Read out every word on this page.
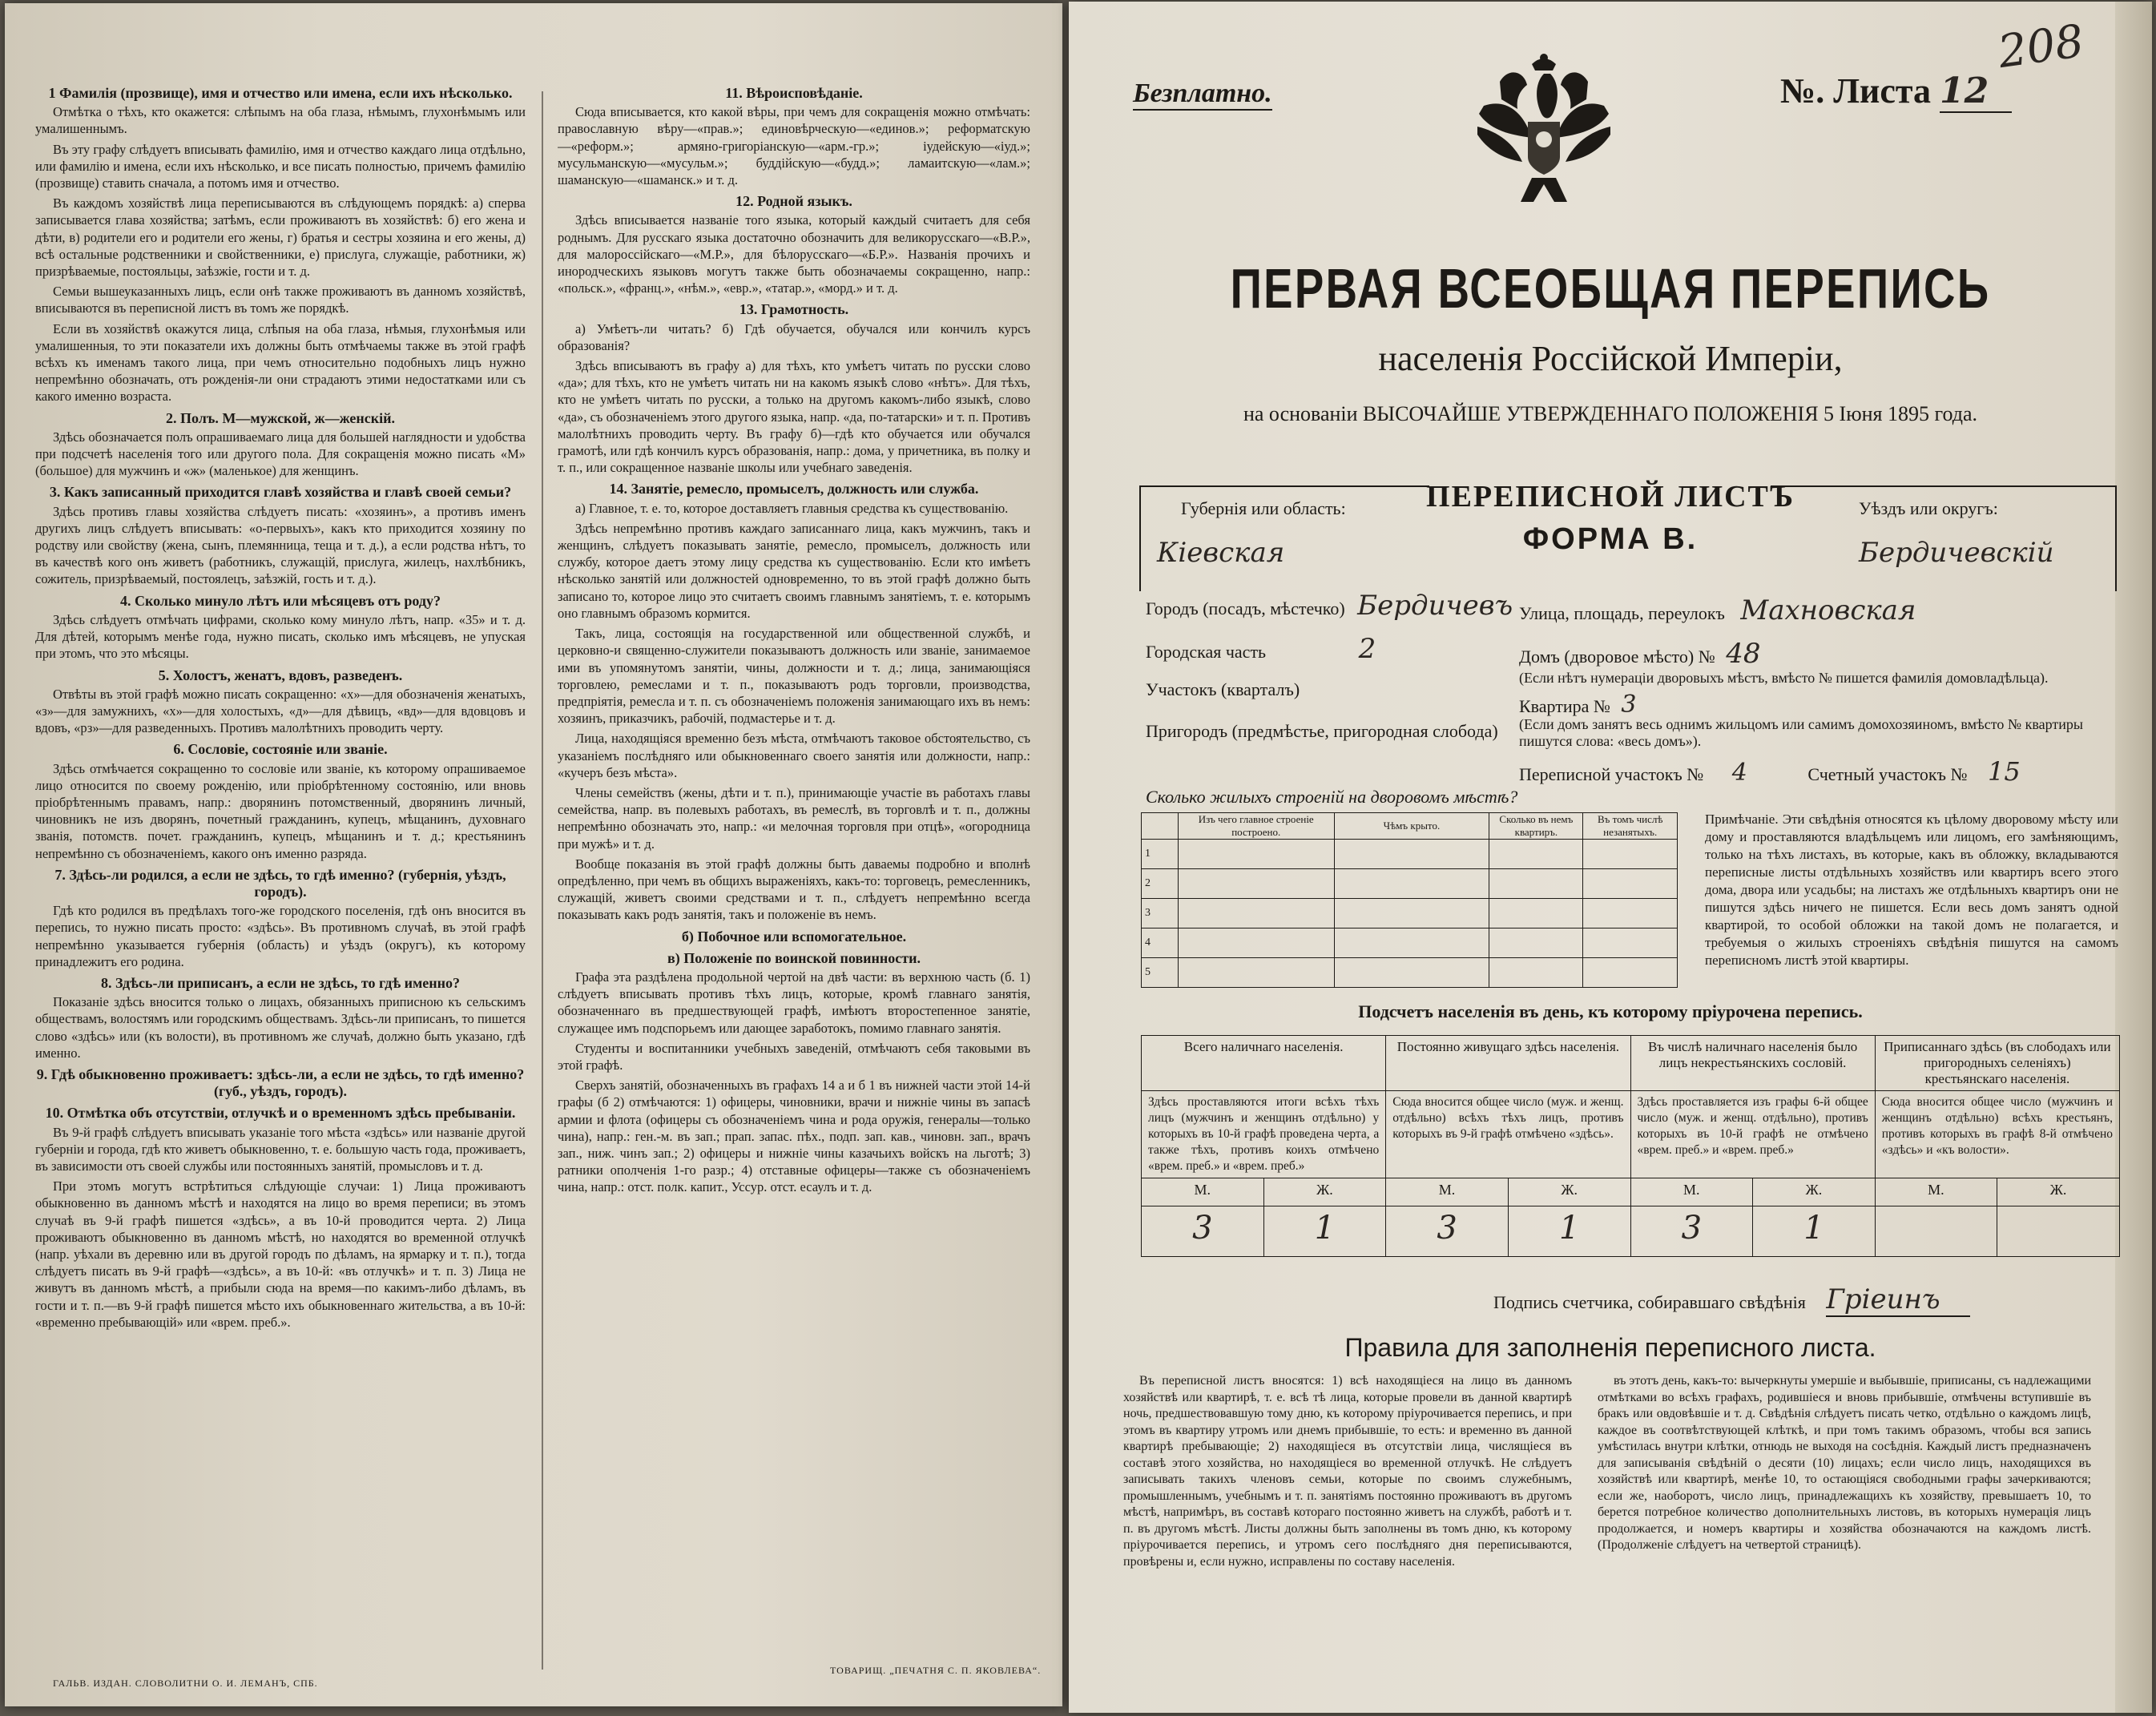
1 Фамилія (прозвище), имя и отчество или имена, если ихъ нѣсколько.

Отмѣтка о тѣхъ, кто окажется: слѣпымъ на оба глаза, нѣмымъ, глухонѣмымъ или умалишеннымъ.

Въ эту графу слѣдуетъ вписывать фамилію, имя и отчество каждаго лица отдѣльно, или фамилію и имена, если ихъ нѣсколько, и все писать полностью, причемъ фамилію (прозвище) ставить сначала, а потомъ имя и отчество.

Въ каждомъ хозяйствѣ лица переписываются въ слѣдующемъ порядкѣ: а) сперва записывается глава хозяйства; затѣмъ, если проживаютъ въ хозяйствѣ: б) его жена и дѣти, в) родители его и родители его жены, г) братья и сестры хозяина и его жены, д) всѣ остальные родственники и свойственники, е) прислуга, служащіе, работники, ж) призрѣваемые, постояльцы, заѣзжіе, гости и т. д.

Семьи вышеуказанныхъ лицъ, если онѣ также проживаютъ въ данномъ хозяйствѣ, вписываются въ переписной листъ въ томъ же порядкѣ.

Если въ хозяйствѣ окажутся лица, слѣпыя на оба глаза, нѣмыя, глухонѣмыя или умалишенныя, то эти показатели ихъ должны быть отмѣчаемы также въ этой графѣ всѣхъ къ именамъ такого лица, при чемъ относительно подобныхъ лицъ нужно непремѣнно обозначать, отъ рожденія-ли они страдаютъ этими недостатками или съ какого именно возраста.

2. Полъ. М—мужской, ж—женскій.

Здѣсь обозначается полъ опрашиваемаго лица для большей наглядности и удобства при подсчетѣ населенія того или другого пола. Для сокращенія можно писать «М» (большое) для мужчинъ и «ж» (маленькое) для женщинъ.

3. Какъ записанный приходится главѣ хозяйства и главѣ своей семьи?

Здѣсь противъ главы хозяйства слѣдуетъ писать: «хозяинъ», а противъ именъ другихъ лицъ слѣдуетъ вписывать: «о-первыхъ», какъ кто приходится хозяину по родству или свойству (жена, сынъ, племянница, теща и т. д.), а если родства нѣтъ, то въ качествѣ кого онъ живетъ (работникъ, служащій, прислуга, жилецъ, нахлѣбникъ, сожитель, призрѣваемый, постоялецъ, заѣзжій, гость и т. д.).

4. Сколько минуло лѣтъ или мѣсяцевъ отъ роду?

Здѣсь слѣдуетъ отмѣчать цифрами, сколько кому минуло лѣтъ, напр. «35» и т. д. Для дѣтей, которымъ менѣе года, нужно писать, сколько имъ мѣсяцевъ, не упуская при этомъ, что это мѣсяцы.

5. Холостъ, женатъ, вдовъ, разведенъ.

Отвѣты въ этой графѣ можно писать сокращенно: «х»—для обозначенія женатыхъ, «з»—для замужнихъ, «х»—для холостыхъ, «д»—для дѣвицъ, «вд»—для вдовцовъ и вдовъ, «рз»—для разведенныхъ. Противъ малолѣтнихъ проводить черту.

6. Сословіе, состояніе или званіе.

Здѣсь отмѣчается сокращенно то сословіе или званіе, къ которому опрашиваемое лицо относится по своему рожденію, или пріобрѣтенному состоянію, или вновь пріобрѣтеннымъ правамъ, напр.: дворянинъ потомственный, дворянинъ личный, чиновникъ не изъ дворянъ, почетный гражданинъ, купецъ, мѣщанинъ, духовнаго званія, потомств. почет. гражданинъ, купецъ, мѣщанинъ и т. д.; крестьянинъ непремѣнно съ обозначеніемъ, какого онъ именно разряда.

7. Здѣсь-ли родился, а если не здѣсь, то гдѣ именно? (губернія, уѣздъ, городъ).

Гдѣ кто родился въ предѣлахъ того-же городского поселенія, гдѣ онъ вносится въ перепись, то нужно писать просто: «здѣсь». Въ противномъ случаѣ, въ этой графѣ непремѣнно указывается губернія (область) и уѣздъ (округъ), къ которому принадлежитъ его родина.

8. Здѣсь-ли приписанъ, а если не здѣсь, то гдѣ именно?

Показаніе здѣсь вносится только о лицахъ, обязанныхъ приписною къ сельскимъ обществамъ, волостямъ или городскимъ обществамъ. Здѣсь-ли приписанъ, то пишется слово «здѣсь» или (къ волости), въ противномъ же случаѣ, должно быть указано, гдѣ именно.

9. Гдѣ обыкновенно проживаетъ: здѣсь-ли, а если не здѣсь, то гдѣ именно? (губ., уѣздъ, городъ).
10. Отмѣтка объ отсутствіи, отлучкѣ и о временномъ здѣсь пребываніи.

Въ 9-й графѣ слѣдуетъ вписывать указаніе того мѣста «здѣсь» или названіе другой губерніи и города, гдѣ кто живетъ обыкновенно, т. е. большую часть года, проживаетъ, въ зависимости отъ своей службы или постоянныхъ занятій, промысловъ и т. д.

При этомъ могутъ встрѣтиться слѣдующіе случаи: 1) Лица проживаютъ обыкновенно въ данномъ мѣстѣ и находятся на лицо во время переписи; въ этомъ случаѣ въ 9-й графѣ пишется «здѣсь», а въ 10-й проводится черта. 2) Лица проживаютъ обыкновенно въ данномъ мѣстѣ, но находятся во временной отлучкѣ (напр. уѣхали въ деревню или въ другой городъ по дѣламъ, на ярмарку и т. п.), тогда слѣдуетъ писать въ 9-й графѣ—«здѣсь», а въ 10-й: «въ отлучкѣ» и т. п. 3) Лица не живутъ въ данномъ мѣстѣ, а прибыли сюда на время—по какимъ-либо дѣламъ, въ гости и т. п.—въ 9-й графѣ пишется мѣсто ихъ обыкновеннаго жительства, а въ 10-й: «временно пребывающій» или «врем. преб.».

11. Вѣроисповѣданіе.

Сюда вписывается, кто какой вѣры, при чемъ для сокращенія можно отмѣчать: православную вѣру—«прав.»; единовѣрческую—«единов.»; реформатскую—«реформ.»; армяно-григоріанскую—«арм.-гр.»; іудейскую—«іуд.»; мусульманскую—«мусульм.»; буддійскую—«будд.»; ламаитскую—«лам.»; шаманскую—«шаманск.» и т. д.

12. Родной языкъ.

Здѣсь вписывается названіе того языка, который каждый считаетъ для себя роднымъ. Для русскаго языка достаточно обозначить для великорусскаго—«В.Р.», для малороссійскаго—«М.Р.», для бѣлорусскаго—«Б.Р.». Названія прочихъ и инородческихъ языковъ могутъ также быть обозначаемы сокращенно, напр.: «польск.», «франц.», «нѣм.», «евр.», «татар.», «морд.» и т. д.

13. Грамотность.

а) Умѣетъ-ли читать? б) Гдѣ обучается, обучался или кончилъ курсъ образованія?

Здѣсь вписываютъ въ графу а) для тѣхъ, кто умѣетъ читать по русски слово «да»; для тѣхъ, кто не умѣетъ читать ни на какомъ языкѣ слово «нѣтъ». Для тѣхъ, кто не умѣетъ читать по русски, а только на другомъ какомъ-либо языкѣ, слово «да», съ обозначеніемъ этого другого языка, напр. «да, по-татарски» и т. п. Противъ малолѣтнихъ проводить черту. Въ графу б)—гдѣ кто обучается или обучался грамотѣ, или гдѣ кончилъ курсъ образованія, напр.: дома, у причетника, въ полку и т. п., или сокращенное названіе школы или учебнаго заведенія.

14. Занятіе, ремесло, промыселъ, должность или служба.

а) Главное, т. е. то, которое доставляетъ главныя средства къ существованію.

Здѣсь непремѣнно противъ каждаго записаннаго лица, какъ мужчинъ, такъ и женщинъ, слѣдуетъ показывать занятіе, ремесло, промыселъ, должность или службу, которое даетъ этому лицу средства къ существованію. Если кто имѣетъ нѣсколько занятій или должностей одновременно, то въ этой графѣ должно быть записано то, которое лицо это считаетъ своимъ главнымъ занятіемъ, т. е. которымъ оно главнымъ образомъ кормится.

Такъ, лица, состоящія на государственной или общественной службѣ, и церковно-и священно-служители показываютъ должность или званіе, занимаемое ими въ упомянутомъ занятіи, чины, должности и т. д.; лица, занимающіяся торговлею, ремеслами и т. п., показываютъ родъ торговли, производства, предпріятія, ремесла и т. п. съ обозначеніемъ положенія занимающаго ихъ въ немъ: хозяинъ, приказчикъ, рабочій, подмастерье и т. д.

Лица, находящіяся временно безъ мѣста, отмѣчаютъ таковое обстоятельство, съ указаніемъ послѣдняго или обыкновеннаго своего занятія или должности, напр.: «кучеръ безъ мѣста».

Члены семействъ (жены, дѣти и т. п.), принимающіе участіе въ работахъ главы семейства, напр. въ полевыхъ работахъ, въ ремеслѣ, въ торговлѣ и т. п., должны непремѣнно обозначать это, напр.: «и мелочная торговля при отцѣ», «огородница при мужѣ» и т. д.

Вообще показанія въ этой графѣ должны быть даваемы подробно и вполнѣ опредѣленно, при чемъ въ общихъ выраженіяхъ, какъ-то: торговецъ, ремесленникъ, служащій, живетъ своими средствами и т. п., слѣдуетъ непремѣнно всегда показывать какъ родъ занятія, такъ и положеніе въ немъ.

б) Побочное или вспомогательное.
в) Положеніе по воинской повинности.

Графа эта раздѣлена продольной чертой на двѣ части: въ верхнюю часть (б. 1) слѣдуетъ вписывать противъ тѣхъ лицъ, которые, кромѣ главнаго занятія, обозначеннаго въ предшествующей графѣ, имѣютъ второстепенное занятіе, служащее имъ подспорьемъ или дающее заработокъ, помимо главнаго занятія.

Студенты и воспитанники учебныхъ заведеній, отмѣчаютъ себя таковыми въ этой графѣ.

Сверхъ занятій, обозначенныхъ въ графахъ 14 а и б 1 въ нижней части этой 14-й графы (б 2) отмѣчаются: 1) офицеры, чиновники, врачи и нижніе чины въ запасѣ армии и флота (офицеры съ обозначеніемъ чина и рода оружія, генералы—только чина), напр.: ген.-м. въ зап.; прап. запас. пѣх., подп. зап. кав., чиновн. зап., врачъ зап., ниж. чинъ зап.; 2) офицеры и нижніе чины казачьихъ войскъ на льготѣ; 3) ратники ополченія 1-го разр.; 4) отставные офицеры—также съ обозначеніемъ чина, напр.: отст. полк. капит., Уссур. отст. есаулъ и т. д.

ГАЛЬВ. ИЗДАН. СЛОВОЛИТНИ О. И. ЛЕМАНЪ, СПБ.
ТОВАРИЩ. „ПЕЧАТНЯ С. П. ЯКОВЛЕВА“.
Безплатно.	№. Листа 12
208
ПЕРВАЯ ВСЕОБЩАЯ ПЕРЕПИСЬ
населенія Россійской Имперіи,
на основаніи ВЫСОЧАЙШЕ УТВЕРЖДЕННАГО ПОЛОЖЕНІЯ 5 Іюня 1895 года.
Губернія или область:
Кіевская
ПЕРЕПИСНОЙ ЛИСТЪ
ФОРМА В.
Уѣздъ или округъ:
Бердичевскій
Городъ (посадъ, мѣстечко) Бердичевъ
Городская часть	2
Участокъ (кварталъ)
Пригородъ (предмѣстье, пригородная слобода)
Улица, площадь, переулокъ Махновская
Домъ (дворовое мѣсто) № 48
(Если нѣтъ нумераціи дворовыхъ мѣстъ, вмѣсто № пишется фамилія домовладѣльца).
Квартира № 3
(Если домъ занятъ весь однимъ жильцомъ или самимъ домохозяиномъ, вмѣсто № квартиры пишутся слова: «весь домъ»).
Переписной участокъ № 4	Счетный участокъ № 15
Сколько жилыхъ строеній на дворовомъ мѣстѣ?
	Изъ чего главное строеніе построено.	Чѣмъ крыто.	Сколько въ немъ квартиръ.	Въ томъ числѣ незанятыхъ.
1				
2				
3				
4				
5				
Примѣчаніе. Эти свѣдѣнія относятся къ цѣлому дворовому мѣсту или дому и проставляются владѣльцемъ или лицомъ, его замѣняющимъ, только на тѣхъ листахъ, въ которые, какъ въ обложку, вкладываются переписные листы отдѣльныхъ хозяйствъ или квартиръ всего этого дома, двора или усадьбы; на листахъ же отдѣльныхъ квартиръ они не пишутся здѣсь ничего не пишется. Если весь домъ занятъ одной квартирой, то особой обложки на такой домъ не полагается, и требуемыя о жилыхъ строеніяхъ свѣдѣнія пишутся на самомъ переписномъ листѣ этой квартиры.
Подсчетъ населенія въ день, къ которому пріурочена перепись.
Всего наличнаго населенія.		Постоянно живущаго здѣсь населенія.		Въ числѣ наличнаго населенія было лицъ некрестьянскихъ сословій.		Приписаннаго здѣсь (въ слободахъ или пригородныхъ селеніяхъ) крестьянскаго населенія.	
Здѣсь проставляются итоги всѣхъ тѣхъ лицъ (мужчинъ и женщинъ отдѣльно) у которыхъ въ 10-й графѣ проведена черта, а также тѣхъ, противъ коихъ отмѣчено «врем. преб.» и «врем. преб.»		Сюда вносится общее число (муж. и женщ. отдѣльно) всѣхъ тѣхъ лицъ, противъ которыхъ въ 9-й графѣ отмѣчено «здѣсь».		Здѣсь проставляется изъ графы 6-й общее число (муж. и женщ. отдѣльно), противъ которыхъ въ 10-й графѣ не отмѣчено «врем. преб.» и «врем. преб.»		Сюда вносится общее число (мужчинъ и женщинъ отдѣльно) всѣхъ крестьянъ, противъ которыхъ въ графѣ 8-й отмѣчено «здѣсь» и «къ волости».	
М.	Ж.	М.	Ж.	М.	Ж.	М.	Ж.
3	1	3	1	3	1		
Подпись счетчика, собиравшаго свѣдѣнія Гріеинъ
Правила для заполненія переписного листа.

Въ переписной листъ вносятся: 1) всѣ находящіеся на лицо въ данномъ хозяйствѣ или квартирѣ, т. е. всѣ тѣ лица, которые провели въ данной квартирѣ ночь, предшествовавшую тому дню, къ которому пріурочивается перепись, и при этомъ въ квартиру утромъ или днемъ прибывшіе, то есть: и временно въ данной квартирѣ пребывающіе; 2) находящіеся въ отсутствіи лица, числящіеся въ составѣ этого хозяйства, но находящіеся во временной отлучкѣ. Не слѣдуетъ записывать такихъ членовъ семьи, которые по своимъ служебнымъ, промышленнымъ, учебнымъ и т. п. занятіямъ постоянно проживаютъ въ другомъ мѣстѣ, напримѣръ, въ составѣ котораго постоянно живетъ на службѣ, работѣ и т. п. въ другомъ мѣстѣ. Листы должны быть заполнены въ томъ дню, къ которому пріурочивается перепись, и утромъ сего послѣдняго дня переписываются, провѣрены и, если нужно, исправлены по составу населенія.

въ этотъ день, какъ-то: вычеркнуты умершіе и выбывшіе, приписаны, съ надлежащими отмѣтками во всѣхъ графахъ, родившіеся и вновь прибывшіе, отмѣчены вступившіе въ бракъ или овдовѣвшіе и т. д. Свѣдѣнія слѣдуетъ писать четко, отдѣльно о каждомъ лицѣ, каждое въ соотвѣтствующей клѣткѣ, и при томъ такимъ образомъ, чтобы вся запись умѣстилась внутри клѣтки, отнюдь не выходя на сосѣднія. Каждый листъ предназначенъ для записыванія свѣдѣній о десяти (10) лицахъ; если число лицъ, находящихся въ хозяйствѣ или квартирѣ, менѣе 10, то остающіяся свободными графы зачеркиваются; если же, наоборотъ, число лицъ, принадлежащихъ къ хозяйству, превышаетъ 10, то берется потребное количество дополнительныхъ листовъ, въ которыхъ нумерація лицъ продолжается, и номеръ квартиры и хозяйства обозначаются на каждомъ листѣ. (Продолженіе слѣдуетъ на четвертой страницѣ).
